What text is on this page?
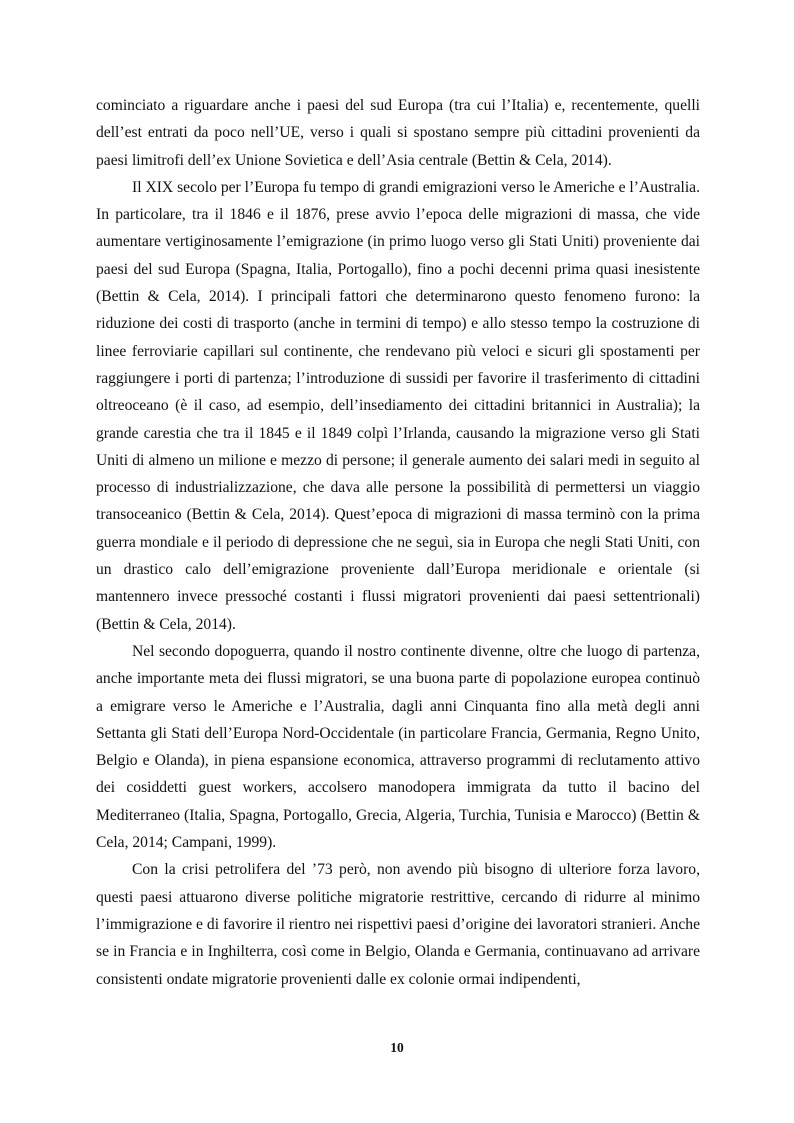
cominciato a riguardare anche i paesi del sud Europa (tra cui l’Italia) e, recentemente, quelli dell’est entrati da poco nell’UE, verso i quali si spostano sempre più cittadini provenienti da paesi limitrofi dell’ex Unione Sovietica e dell’Asia centrale (Bettin & Cela, 2014).

Il XIX secolo per l’Europa fu tempo di grandi emigrazioni verso le Americhe e l’Australia. In particolare, tra il 1846 e il 1876, prese avvio l’epoca delle migrazioni di massa, che vide aumentare vertiginosamente l’emigrazione (in primo luogo verso gli Stati Uniti) proveniente dai paesi del sud Europa (Spagna, Italia, Portogallo), fino a pochi decenni prima quasi inesistente (Bettin & Cela, 2014). I principali fattori che determinarono questo fenomeno furono: la riduzione dei costi di trasporto (anche in termini di tempo) e allo stesso tempo la costruzione di linee ferroviarie capillari sul continente, che rendevano più veloci e sicuri gli spostamenti per raggiungere i porti di partenza; l’introduzione di sussidi per favorire il trasferimento di cittadini oltreoceano (è il caso, ad esempio, dell’insediamento dei cittadini britannici in Australia); la grande carestia che tra il 1845 e il 1849 colpì l’Irlanda, causando la migrazione verso gli Stati Uniti di almeno un milione e mezzo di persone; il generale aumento dei salari medi in seguito al processo di industrializzazione, che dava alle persone la possibilità di permettersi un viaggio transoceanico (Bettin & Cela, 2014). Quest’epoca di migrazioni di massa terminò con la prima guerra mondiale e il periodo di depressione che ne seguì, sia in Europa che negli Stati Uniti, con un drastico calo dell’emigrazione proveniente dall’Europa meridionale e orientale (si mantennero invece pressoché costanti i flussi migratori provenienti dai paesi settentrionali) (Bettin & Cela, 2014).

Nel secondo dopoguerra, quando il nostro continente divenne, oltre che luogo di partenza, anche importante meta dei flussi migratori, se una buona parte di popolazione europea continuò a emigrare verso le Americhe e l’Australia, dagli anni Cinquanta fino alla metà degli anni Settanta gli Stati dell’Europa Nord-Occidentale (in particolare Francia, Germania, Regno Unito, Belgio e Olanda), in piena espansione economica, attraverso programmi di reclutamento attivo dei cosiddetti guest workers, accolsero manodopera immigrata da tutto il bacino del Mediterraneo (Italia, Spagna, Portogallo, Grecia, Algeria, Turchia, Tunisia e Marocco) (Bettin & Cela, 2014; Campani, 1999).

Con la crisi petrolifera del ’73 però, non avendo più bisogno di ulteriore forza lavoro, questi paesi attuarono diverse politiche migratorie restrittive, cercando di ridurre al minimo l’immigrazione e di favorire il rientro nei rispettivi paesi d’origine dei lavoratori stranieri. Anche se in Francia e in Inghilterra, così come in Belgio, Olanda e Germania, continuavano ad arrivare consistenti ondate migratorie provenienti dalle ex colonie ormai indipendenti,

10
